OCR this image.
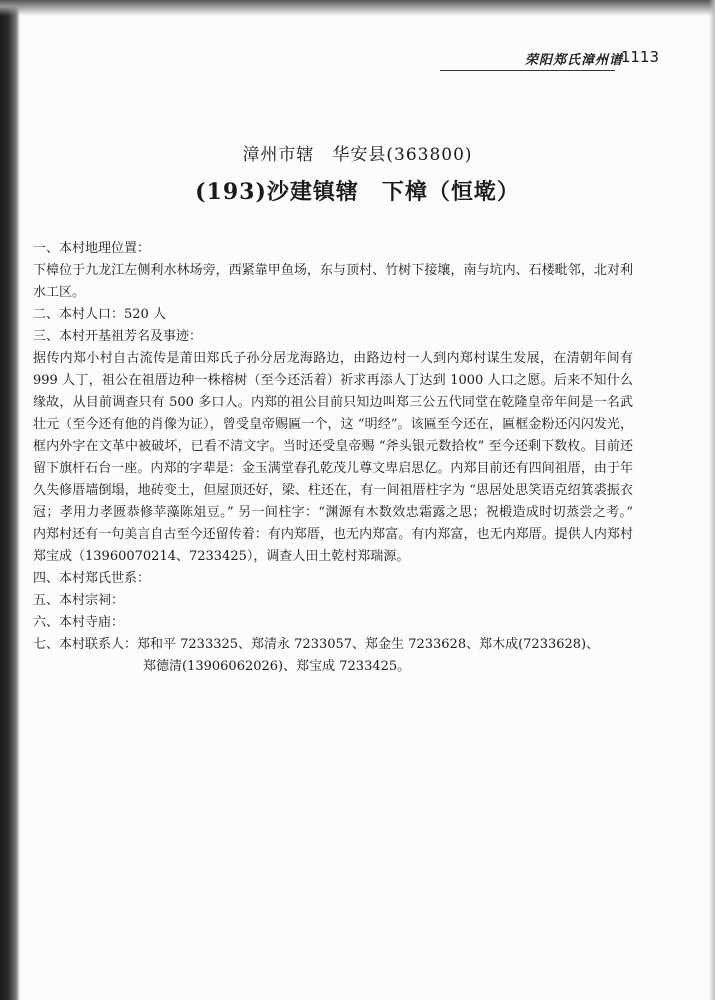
荣阳郑氏漳州谱
1113
漳州市辖　华安县(363800)
(193)沙建镇辖　下樟（恒墘）

一、本村地理位置：

下樟位于九龙江左侧利水林场旁，西紧靠甲鱼场，东与顶村、竹树下接壤，南与坑内、石楼毗邻，北对利水工区。

二、本村人口：520 人

三、本村开基祖芳名及事迹：

据传内郑小村自古流传是莆田郑氏子孙分居龙海路边，由路边村一人到内郑村谋生发展，在清朝年间有 999 人丁，祖公在祖厝边种一株榕树（至今还活着）祈求再添人丁达到 1000 人口之愿。后来不知什么缘故，从目前调查只有 500 多口人。内郑的祖公目前只知边叫郑三公五代同堂在乾隆皇帝年间是一名武壮元（至今还有他的肖像为证），曾受皇帝赐匾一个，这 “明经”。该匾至今还在，匾框金粉还闪闪发光，框内外字在文革中被破坏，已看不清文字。当时还受皇帝赐 “斧头银元数拾枚” 至今还剩下数枚。目前还留下旗杆石台一座。内郑的字辈是：金玉满堂春孔乾茂儿尊文卑启思亿。内郑目前还有四间祖厝，由于年久失修厝墙倒塌，地砖变土，但屋顶还好，梁、柱还在，有一间祖厝柱字为 “思居处思笑语克绍箕裘振衣冠；孝用力孝匮恭修苹藻陈俎豆。” 另一间柱字：“渊源有木数效忠霜露之思；祝椴造成时切蒸尝之考。” 内郑村还有一句美言自古至今还留传着：有内郑厝，也无内郑富。有内郑富，也无内郑厝。提供人内郑村郑宝成（13960070214、7233425），调查人田土乾村郑瑞源。

四、本村郑氏世系：

五、本村宗祠：

六、本村寺庙：

七、本村联系人：郑和平 7233325、郑清永 7233057、郑金生 7233628、郑木成(7233628)、

郑德清(13906062026)、郑宝成 7233425。
